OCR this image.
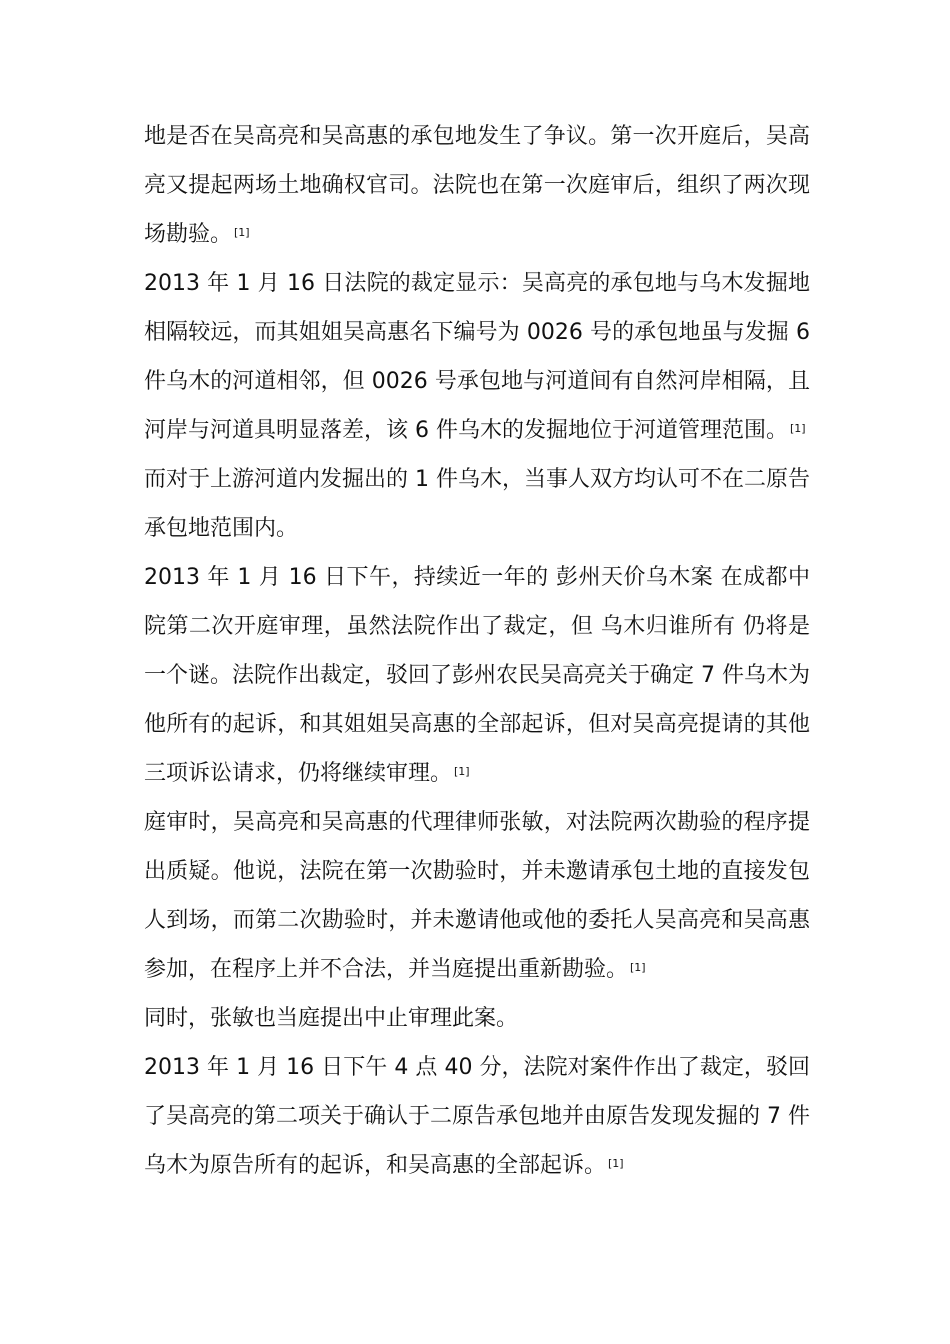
地是否在吴高亮和吴高惠的承包地发生了争议。第一次开庭后，吴高亮又提起两场土地确权官司。法院也在第一次庭审后，组织了两次现场勘验。 [1]

2013 年 1 月 16 日法院的裁定显示：吴高亮的承包地与乌木发掘地相隔较远，而其姐姐吴高惠名下编号为 0026 号的承包地虽与发掘 6 件乌木的河道相邻，但 0026 号承包地与河道间有自然河岸相隔，且河岸与河道具明显落差，该 6 件乌木的发掘地位于河道管理范围。 [1]

而对于上游河道内发掘出的 1 件乌木，当事人双方均认可不在二原告承包地范围内。

2013 年 1 月 16 日下午，持续近一年的 彭州天价乌木案 在成都中院第二次开庭审理，虽然法院作出了裁定，但 乌木归谁所有 仍将是一个谜。法院作出裁定，驳回了彭州农民吴高亮关于确定 7 件乌木为他所有的起诉，和其姐姐吴高惠的全部起诉，但对吴高亮提请的其他三项诉讼请求，仍将继续审理。 [1]

庭审时，吴高亮和吴高惠的代理律师张敏，对法院两次勘验的程序提出质疑。他说，法院在第一次勘验时，并未邀请承包土地的直接发包人到场，而第二次勘验时，并未邀请他或他的委托人吴高亮和吴高惠参加，在程序上并不合法，并当庭提出重新勘验。 [1]

同时，张敏也当庭提出中止审理此案。

2013 年 1 月 16 日下午 4 点 40 分，法院对案件作出了裁定，驳回了吴高亮的第二项关于确认于二原告承包地并由原告发现发掘的 7 件乌木为原告所有的起诉，和吴高惠的全部起诉。 [1]
